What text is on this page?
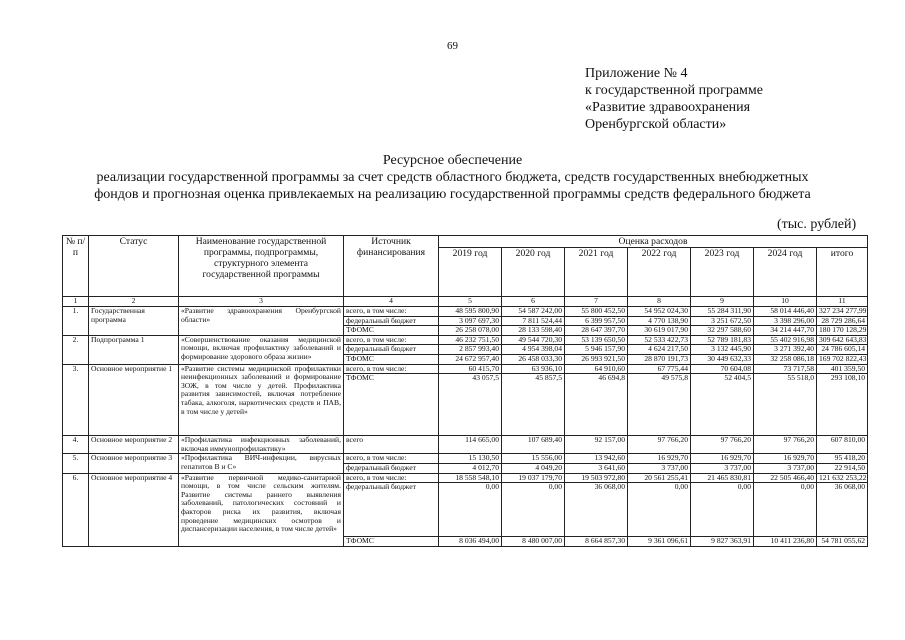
69
Приложение № 4
к государственной программе
«Развитие здравоохранения
Оренбургской области»
Ресурсное обеспечение
реализации государственной программы за счет средств областного бюджета, средств государственных внебюджетных
фондов и прогнозная оценка привлекаемых на реализацию государственной программы средств федерального бюджета
(тыс. рублей)
№ п/п	Статус	Наименование государственной программы, подпрограммы, структурного элемента государственной программы	Источник финансирования	Оценка расходов						
				2019 год	2020 год	2021 год	2022 год	2023 год	2024 год	итого
1	2	3	4	5	6	7	8	9	10	11
1.	Государственная программа	«Развитие здравоохранения Оренбургской области»	всего, в том числе:	48 595 800,90	54 587 242,00	55 800 452,50	54 952 024,30	55 284 311,90	58 014 446,40	327 234 277,99
			федеральный бюджет	3 097 697,30	7 811 524,44	6 399 957,50	4 770 138,90	3 251 672,50	3 398 296,00	28 729 286,64
			ТФОМС	26 258 078,00	28 133 598,40	28 647 397,70	30 619 017,90	32 297 588,60	34 214 447,70	180 170 128,29
2.	Подпрограмма 1	«Совершенствование оказания медицинской помощи, включая профилактику заболеваний и формирование здорового образа жизни»	всего, в том числе:	46 232 751,50	49 544 720,30	53 139 650,50	52 533 422,73	52 789 181,83	55 402 916,98	309 642 643,83
			федеральный бюджет	2 857 993,40	4 954 398,04	5 946 157,90	4 624 217,50	3 132 445,90	3 271 392,40	24 786 605,14
			ТФОМС	24 672 957,40	26 458 033,30	26 993 921,50	28 870 191,73	30 449 632,33	32 258 086,18	169 702 822,43
3.	Основное мероприятие 1	«Развитие системы медицинской профилактики неинфекционных заболеваний и формирование ЗОЖ, в том числе у детей. Профилактика развития зависимостей, включая потребление табака, алкоголя, наркотических средств и ПАВ, в том числе у детей»	всего, в том числе:	60 415,70	63 936,10	64 910,60	67 775,44	70 604,08	73 717,58	401 359,50
			ТФОМС	43 057,5	45 857,5	46 694,8	49 575,8	52 404,5	55 518,0	293 108,10
4.	Основное мероприятие 2	«Профилактика инфекционных заболеваний, включая иммунопрофилактику»	всего	114 665,00	107 689,40	92 157,00	97 766,20	97 766,20	97 766,20	607 810,00
5.	Основное мероприятие 3	«Профилактика ВИЧ-инфекции, вирусных гепатитов В и С»	всего, в том числе:	15 130,50	15 556,00	13 942,60	16 929,70	16 929,70	16 929,70	95 418,20
			федеральный бюджет	4 012,70	4 049,20	3 641,60	3 737,00	3 737,00	3 737,00	22 914,50
6.	Основное мероприятие 4	«Развитие первичной медико-санитарной помощи, в том числе сельским жителям. Развитие системы раннего выявления заболеваний, патологических состояний и факторов риска их развития, включая проведение медицинских осмотров и диспансеризации населения, в том числе детей»	всего, в том числе:	18 558 548,10	19 037 179,70	19 503 972,80	20 561 255,41	21 465 830,81	22 505 466,40	121 632 253,22
			федеральный бюджет	0,00	0,00	36 068,00	0,00	0,00	0,00	36 068,00
			ТФОМС	8 036 494,00	8 480 007,00	8 664 857,30	9 361 096,61	9 827 363,91	10 411 236,80	54 781 055,62
